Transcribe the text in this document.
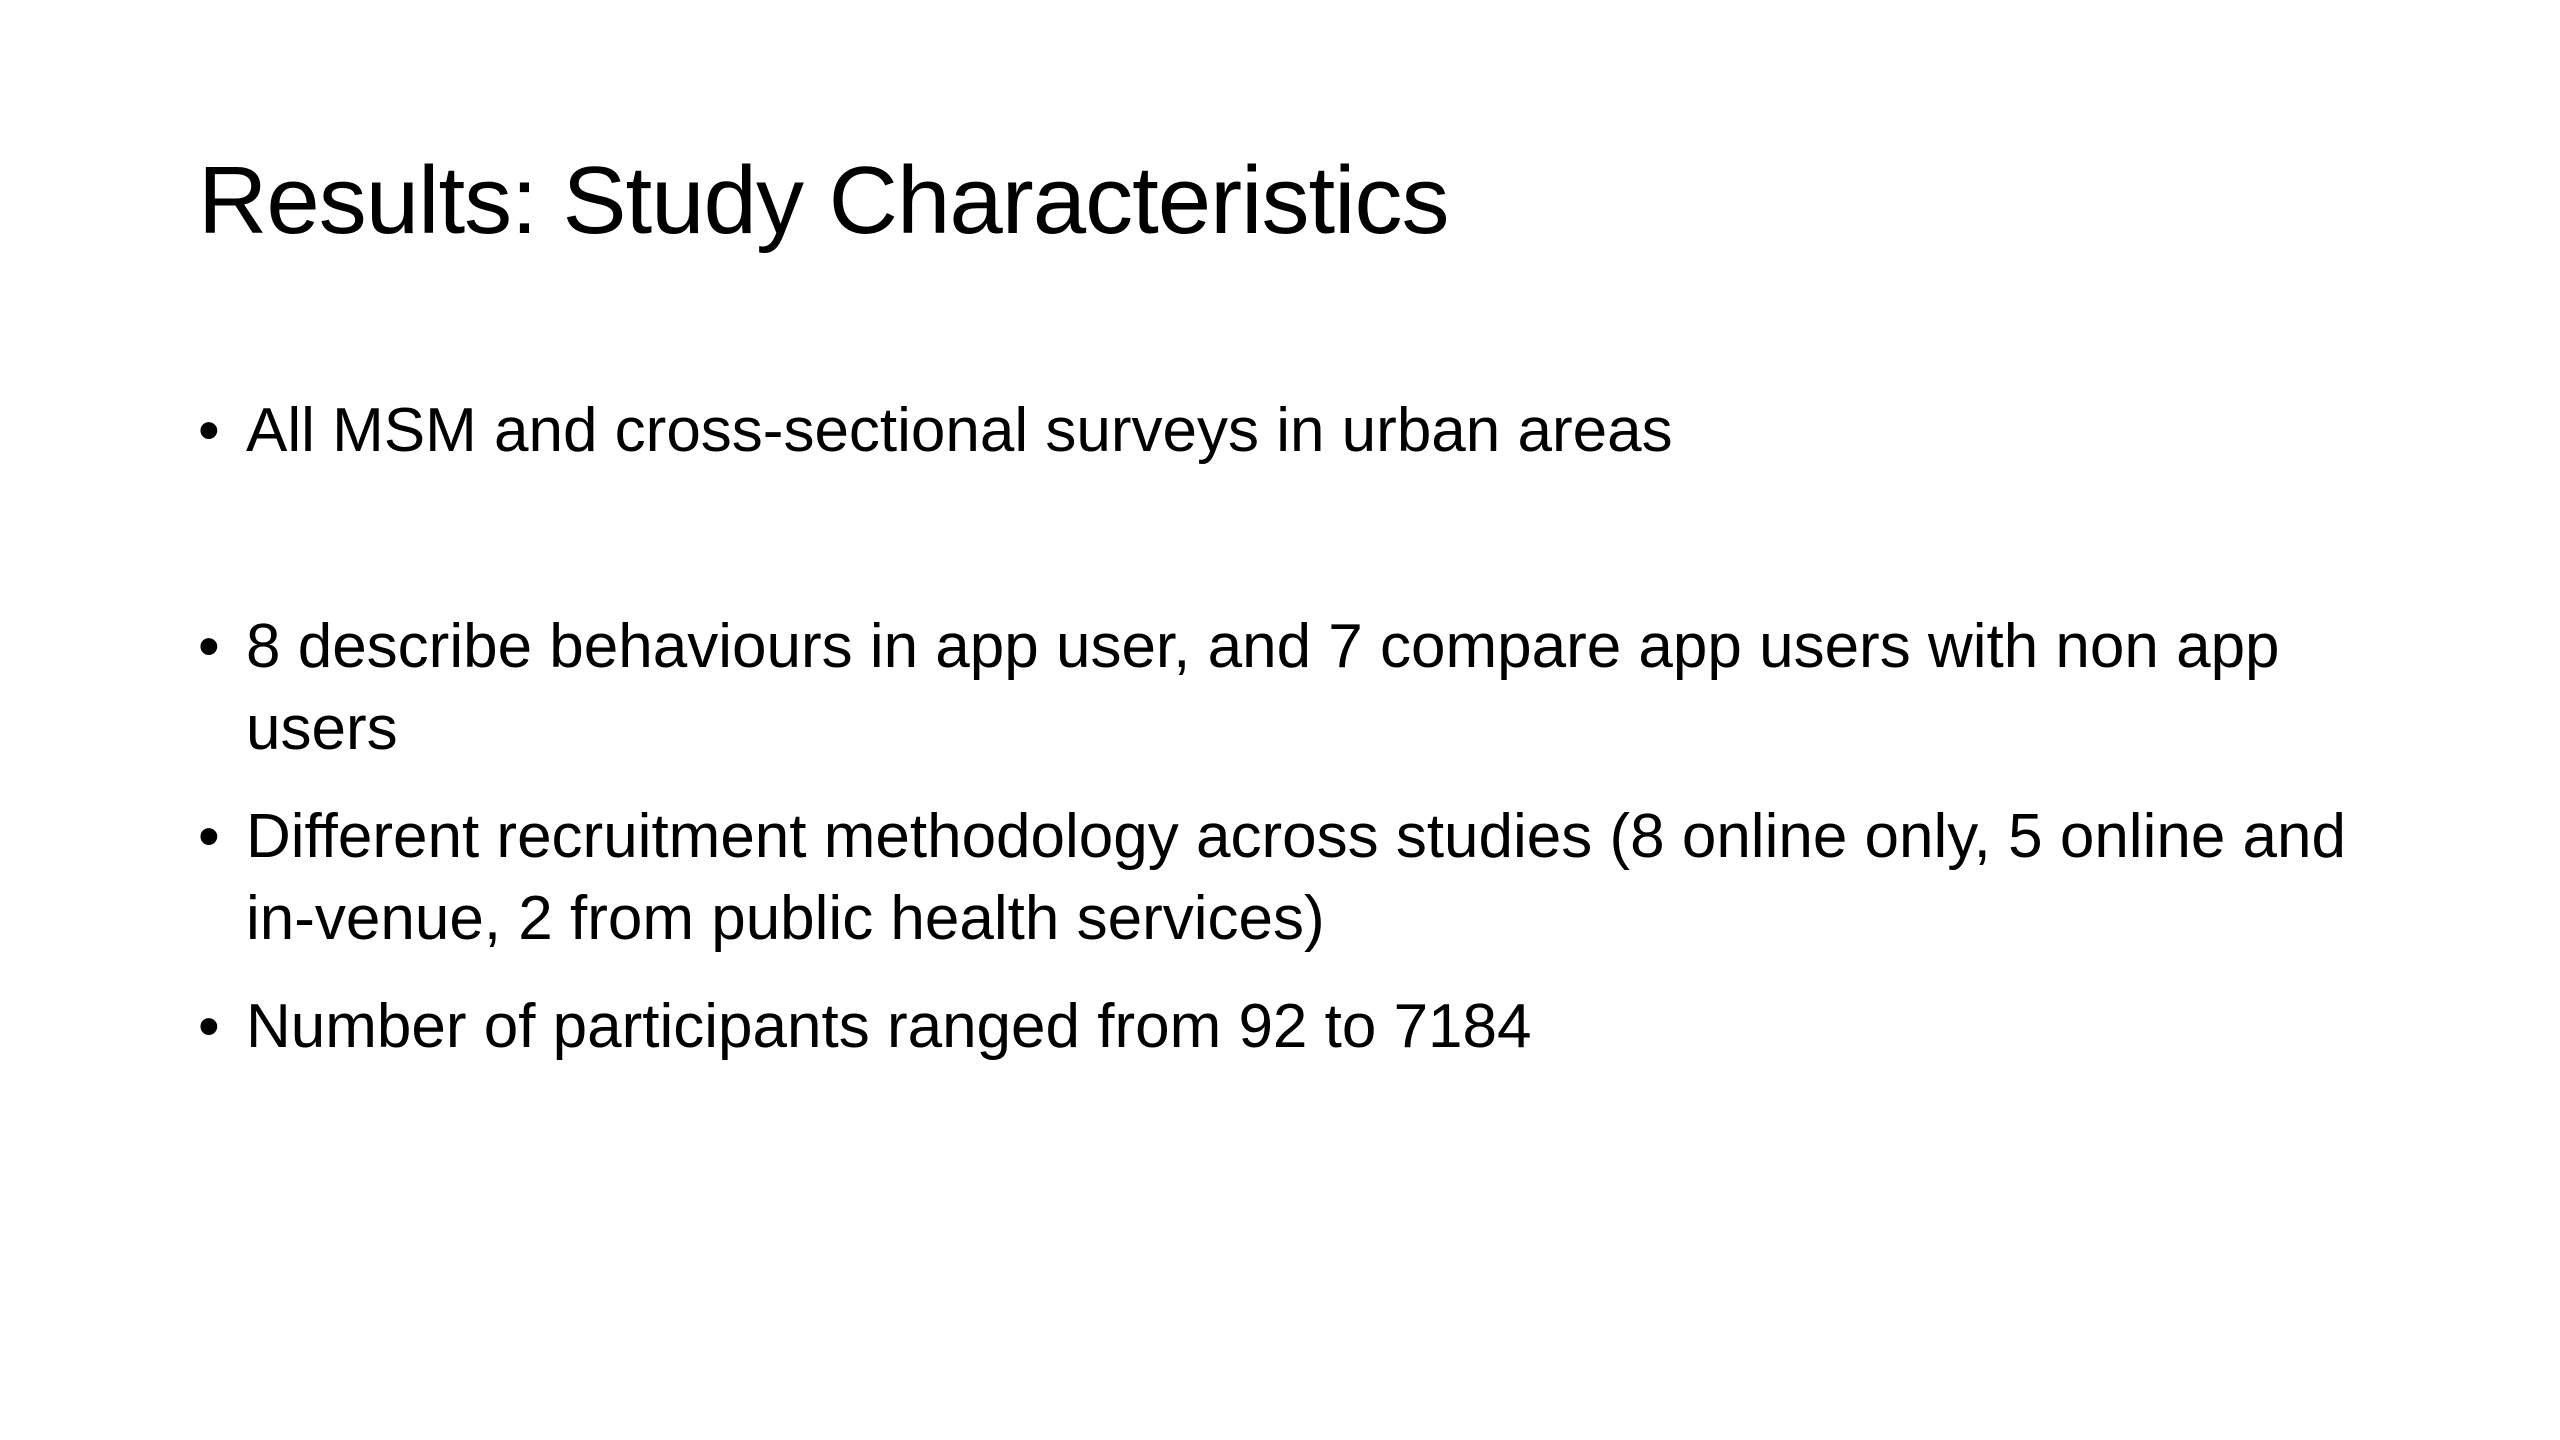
Results: Study Characteristics
• All MSM and cross-sectional surveys in urban areas
• 8 describe behaviours in app user, and 7 compare app users with non app users
• Different recruitment methodology across studies (8 online only, 5 online and in-venue, 2 from public health services)
• Number of participants ranged from 92 to 7184
